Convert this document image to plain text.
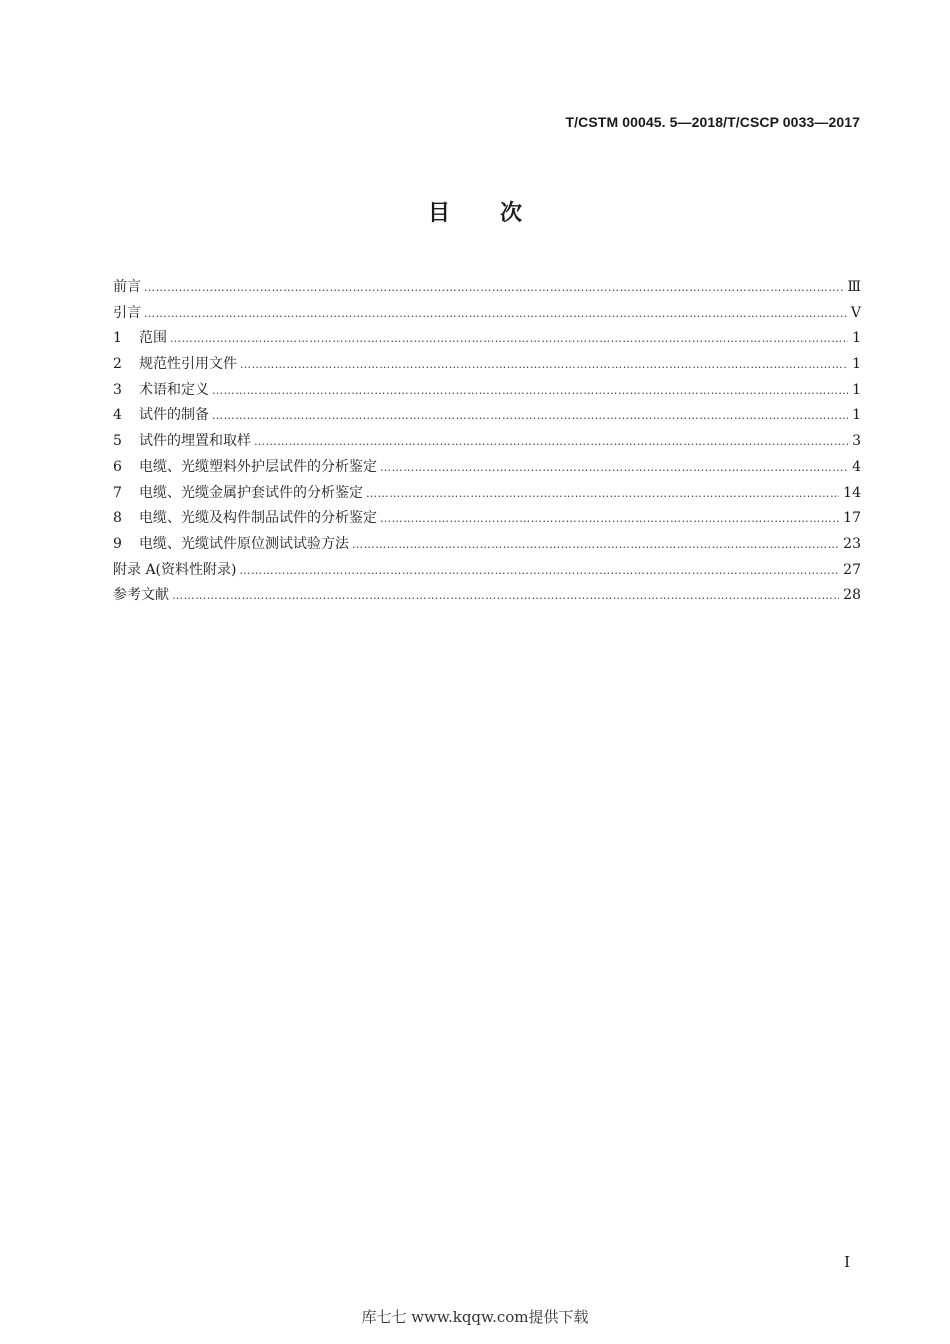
T/CSTM 00045. 5—2018/T/CSCP 0033—2017
目 次
前言 ………………………………………………………………………………………………………………………………………………………………………………………………………………	Ⅲ
引言 ………………………………………………………………………………………………………………………………………………………………………………………………………………	Ⅴ
1	范围 ………………………………………………………………………………………………………………………………………………………………………………………………………………	1
2	规范性引用文件 ………………………………………………………………………………………………………………………………………………………………………………………………………………	1
3	术语和定义 ………………………………………………………………………………………………………………………………………………………………………………………………………………	1
4	试件的制备 ………………………………………………………………………………………………………………………………………………………………………………………………………………	1
5	试件的埋置和取样 ………………………………………………………………………………………………………………………………………………………………………………………………………………	3
6	电缆、光缆塑料外护层试件的分析鉴定 ………………………………………………………………………………………………………………………………………………………………………………………………………………	4
7	电缆、光缆金属护套试件的分析鉴定 ………………………………………………………………………………………………………………………………………………………………………………………………………………	14
8	电缆、光缆及构件制品试件的分析鉴定 ………………………………………………………………………………………………………………………………………………………………………………………………………………	17
9	电缆、光缆试件原位测试试验方法 ………………………………………………………………………………………………………………………………………………………………………………………………………………	23
附录 A(资料性附录) ………………………………………………………………………………………………………………………………………………………………………………………………………………	27
参考文献 ………………………………………………………………………………………………………………………………………………………………………………………………………………	28
Ⅰ
库七七 www.kqqw.com提供下载
